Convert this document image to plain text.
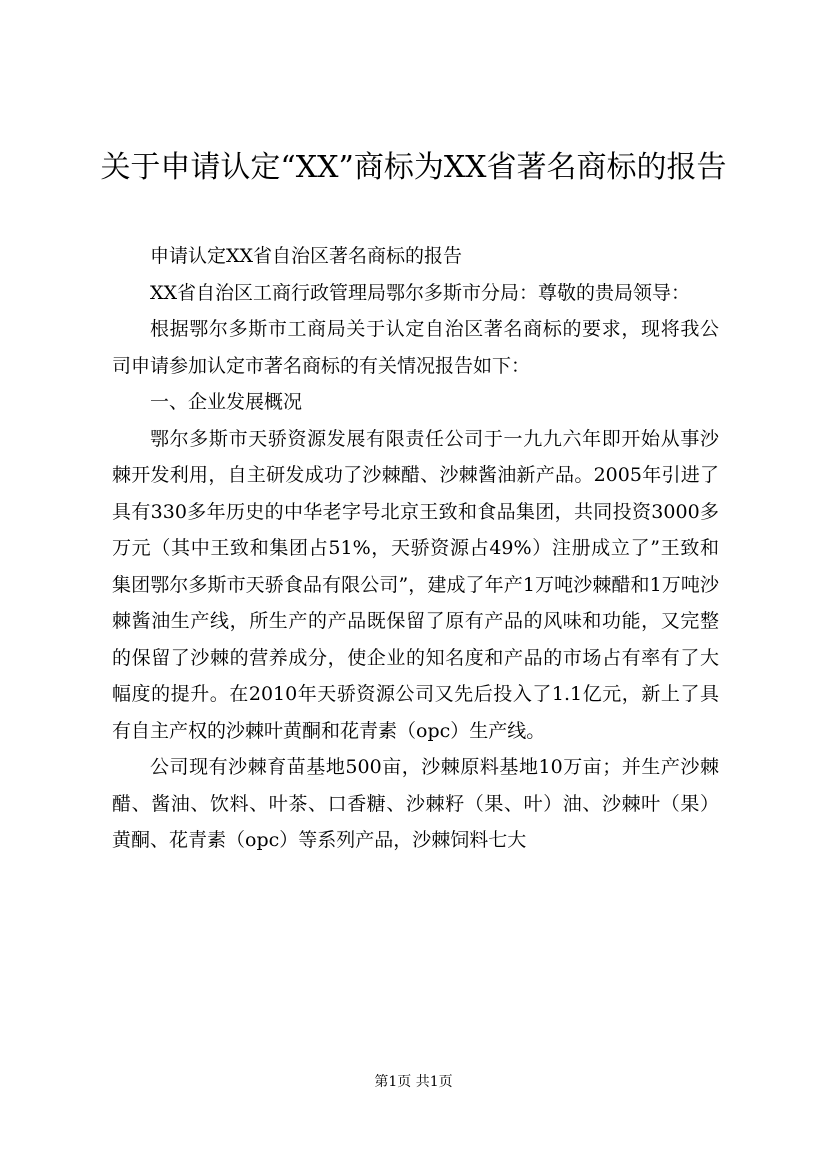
关于申请认定“XX”商标为XX省著名商标的报告

申请认定XX省自治区著名商标的报告

XX省自治区工商行政管理局鄂尔多斯市分局：尊敬的贵局领导：

根据鄂尔多斯市工商局关于认定自治区著名商标的要求，现将我公司申请参加认定市著名商标的有关情况报告如下：

一、企业发展概况

鄂尔多斯市天骄资源发展有限责任公司于一九九六年即开始从事沙棘开发利用，自主研发成功了沙棘醋、沙棘酱油新产品。2005年引进了具有330多年历史的中华老字号北京王致和食品集团，共同投资3000多万元（其中王致和集团占51%，天骄资源占49%）注册成立了”王致和集团鄂尔多斯市天骄食品有限公司”，建成了年产1万吨沙棘醋和1万吨沙棘酱油生产线，所生产的产品既保留了原有产品的风味和功能，又完整的保留了沙棘的营养成分，使企业的知名度和产品的市场占有率有了大幅度的提升。在2010年天骄资源公司又先后投入了1.1亿元，新上了具有自主产权的沙棘叶黄酮和花青素（opc）生产线。

公司现有沙棘育苗基地500亩，沙棘原料基地10万亩；并生产沙棘醋、酱油、饮料、叶茶、口香糖、沙棘籽（果、叶）油、沙棘叶（果）黄酮、花青素（opc）等系列产品，沙棘饲料七大

第1页 共1页
